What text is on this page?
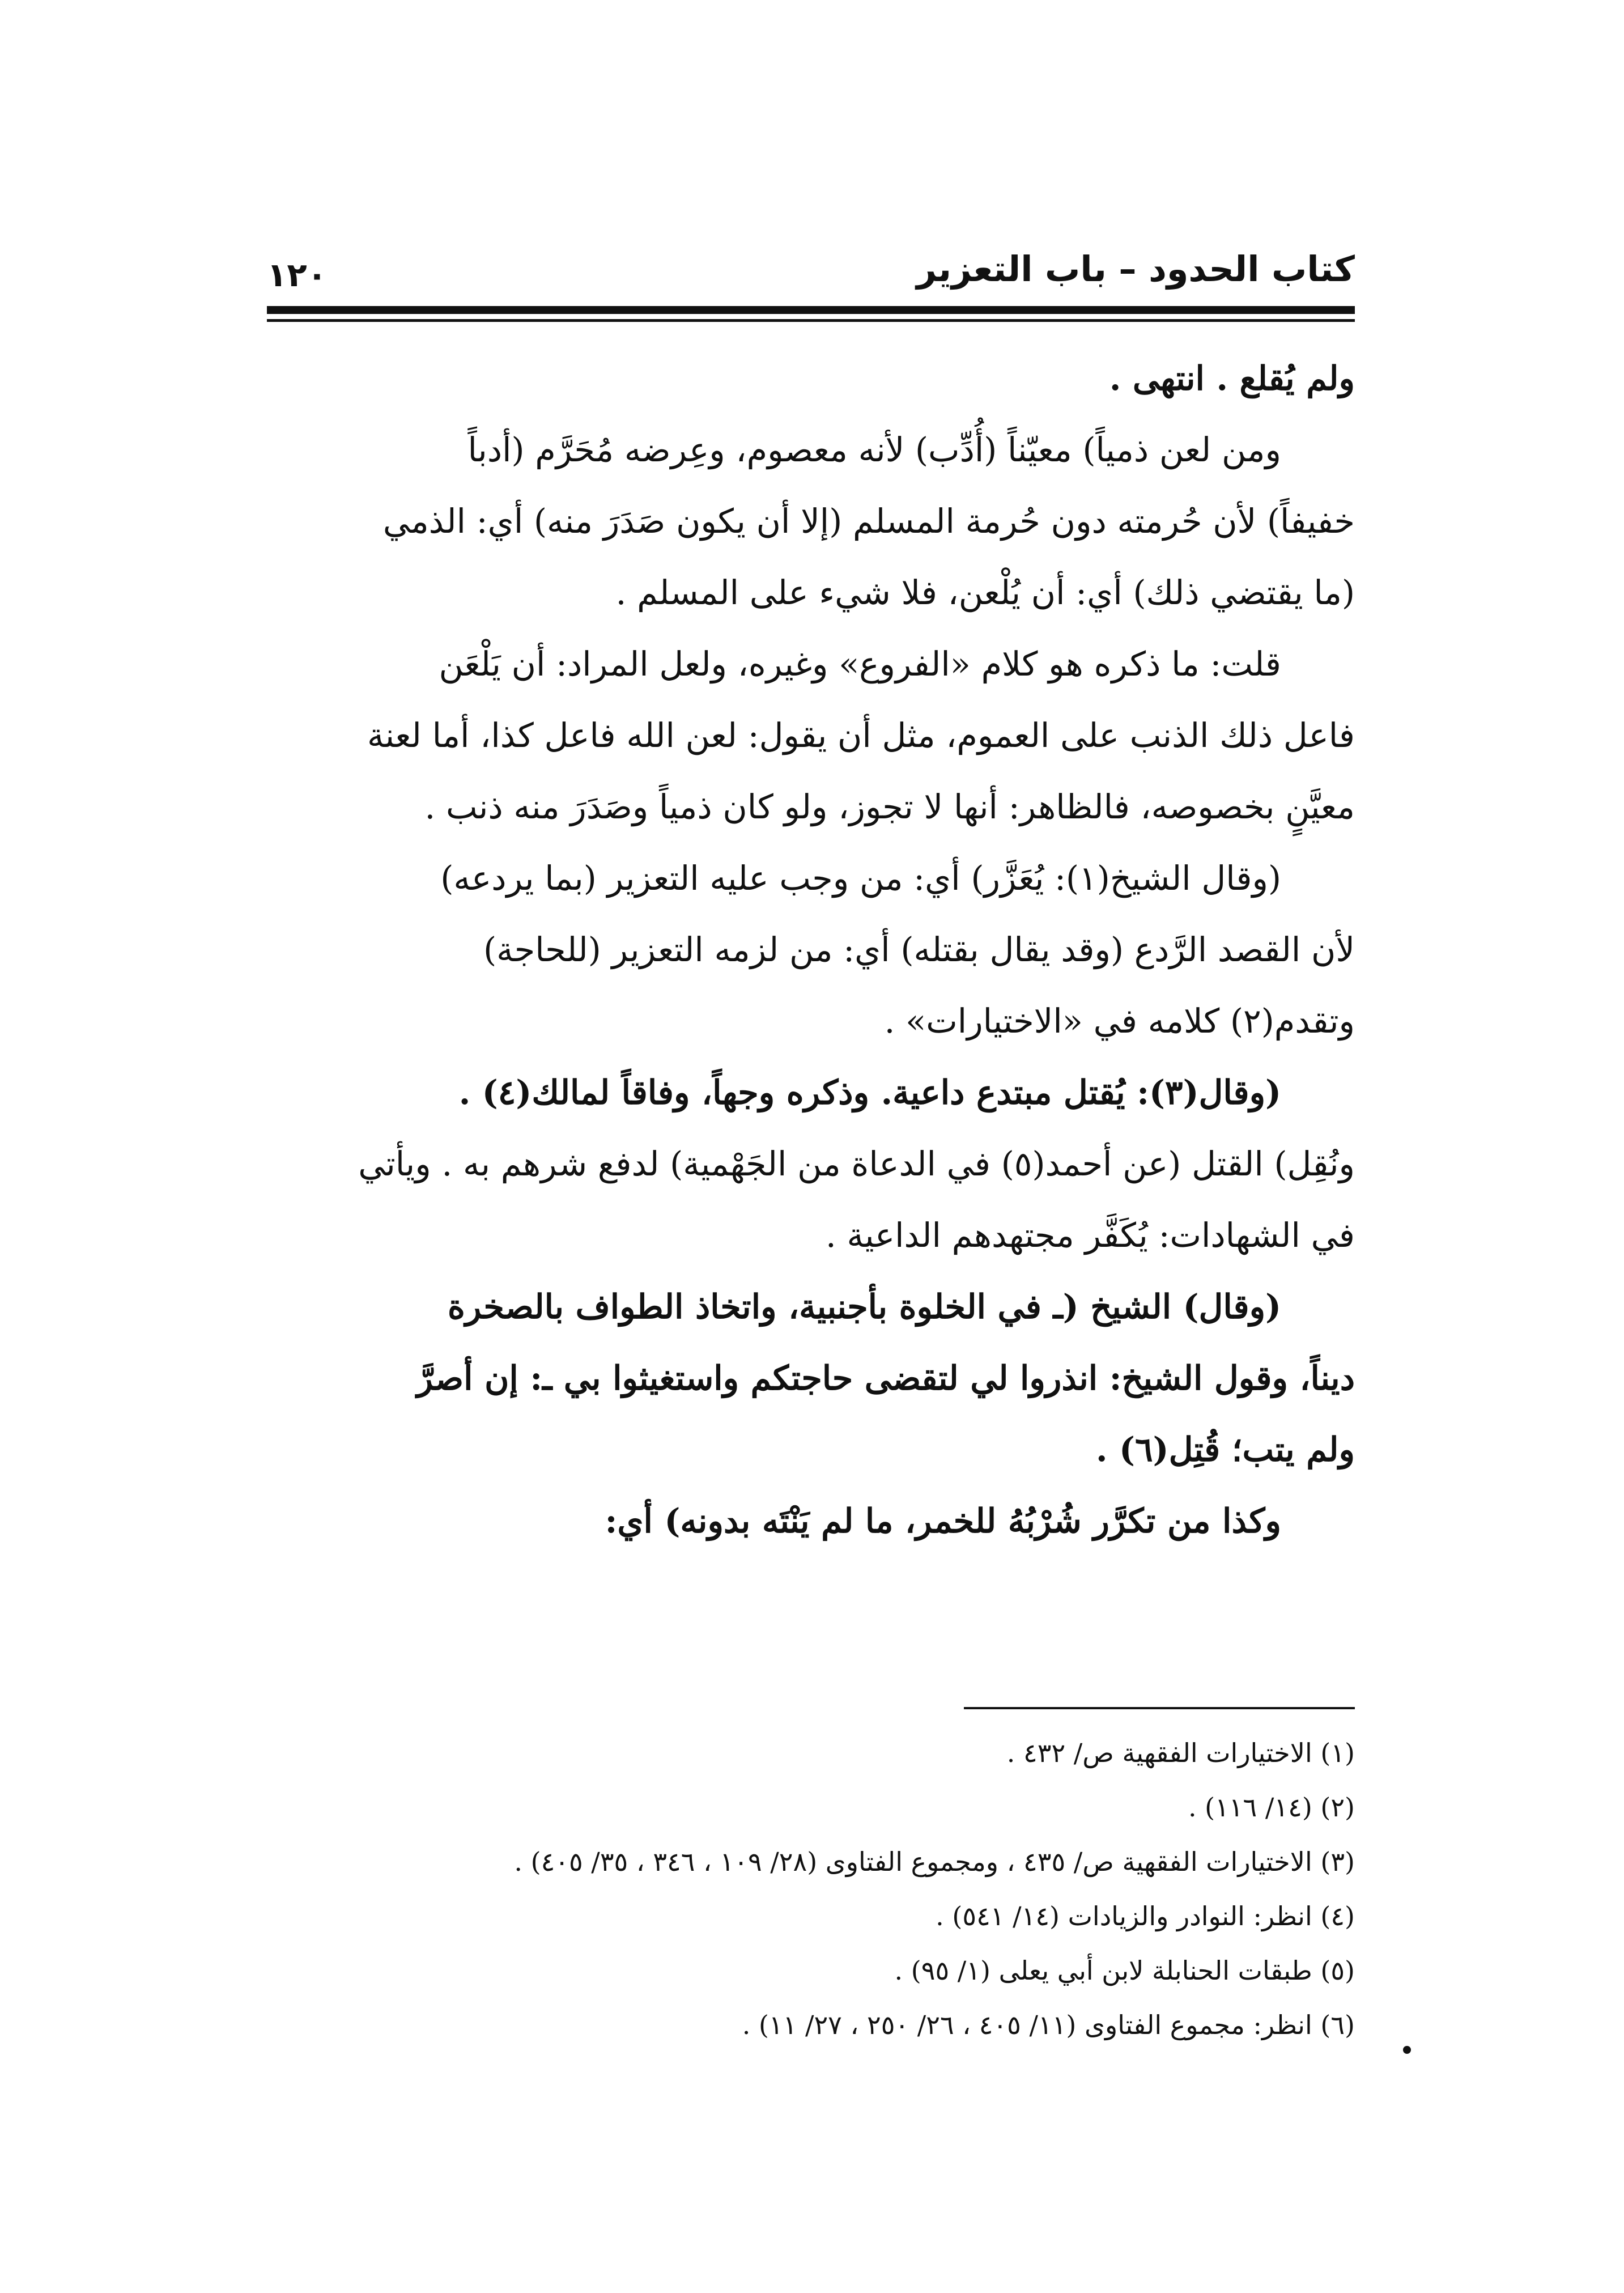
كتاب الحدود – باب التعزير
١٢٠

ولم يُقلع . انتهى .

ومن لعن ذمياً) معيّناً (أُدِّب) لأنه معصوم، وعِرضه مُحَرَّم (أدباً

خفيفاً) لأن حُرمته دون حُرمة المسلم (إلا أن يكون صَدَرَ منه) أي: الذمي

(ما يقتضي ذلك) أي: أن يُلْعن، فلا شيء على المسلم .

قلت: ما ذكره هو كلام «الفروع» وغيره، ولعل المراد: أن يَلْعَن

فاعل ذلك الذنب على العموم، مثل أن يقول: لعن الله فاعل كذا، أما لعنة

معيَّنٍ بخصوصه، فالظاهر: أنها لا تجوز، ولو كان ذمياً وصَدَرَ منه ذنب .

(وقال الشيخ(١): يُعَزَّر) أي: من وجب عليه التعزير (بما يردعه)

لأن القصد الرَّدع (وقد يقال بقتله) أي: من لزمه التعزير (للحاجة)

وتقدم(٢) كلامه في «الاختيارات» .

(وقال(٣): يُقتل مبتدع داعية. وذكره وجهاً، وفاقاً لمالك(٤) .

ونُقِل) القتل (عن أحمد(٥) في الدعاة من الجَهْمية) لدفع شرهم به . ويأتي

في الشهادات: يُكَفَّر مجتهدهم الداعية .

(وقال) الشيخ (ـ في الخلوة بأجنبية، واتخاذ الطواف بالصخرة

ديناً، وقول الشيخ: انذروا لي لتقضى حاجتكم واستغيثوا بي ـ: إن أصرَّ

ولم يتب؛ قُتِل(٦) .

وكذا من تكرَّر شُرْبُهُ للخمر، ما لم يَنْتَه بدونه) أي:

(١) الاختيارات الفقهية ص/ ٤٣٢ .

(٢) (١٤/ ١١٦) .

(٣) الاختيارات الفقهية ص/ ٤٣٥ ، ومجموع الفتاوى (٢٨/ ١٠٩ ، ٣٤٦ ، ٣٥/ ٤٠٥) .

(٤) انظر: النوادر والزيادات (١٤/ ٥٤١) .

(٥) طبقات الحنابلة لابن أبي يعلى (١/ ٩٥) .

(٦) انظر: مجموع الفتاوى (١١/ ٤٠٥ ، ٢٦/ ٢٥٠ ، ٢٧/ ١١) .
